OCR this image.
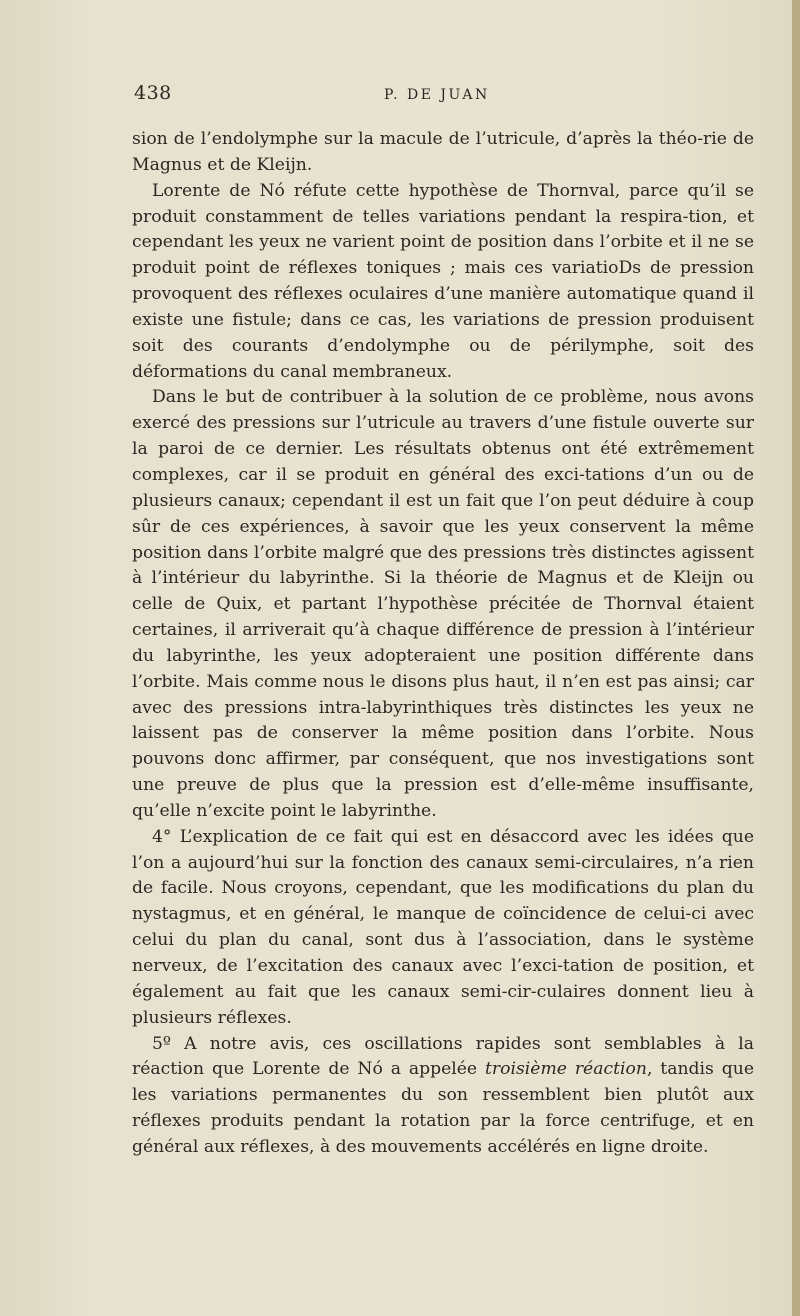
438	P. DE JUAN

sion de l’endolymphe sur la macule de l’utricule, d’après la théo-rie de Magnus et de Kleijn.

Lorente de Nó réfute cette hypothèse de Thornval, parce qu’il se produit constamment de telles variations pendant la respira-tion, et cependant les yeux ne varient point de position dans l’orbite et il ne se produit point de réflexes toniques ; mais ces variatioDs de pression provoquent des réflexes oculaires d’une manière automatique quand il existe une fistule; dans ce cas, les variations de pression produisent soit des courants d’endolymphe ou de périlymphe, soit des déformations du canal membraneux.

Dans le but de contribuer à la solution de ce problème, nous avons exercé des pressions sur l’utricule au travers d’une fistule ouverte sur la paroi de ce dernier. Les résultats obtenus ont été extrêmement complexes, car il se produit en général des exci-tations d’un ou de plusieurs canaux; cependant il est un fait que l’on peut déduire à coup sûr de ces expériences, à savoir que les yeux conservent la même position dans l’orbite malgré que des pressions très distinctes agissent à l’intérieur du labyrinthe. Si la théorie de Magnus et de Kleijn ou celle de Quix, et partant l’hypothèse précitée de Thornval étaient certaines, il arriverait qu’à chaque différence de pression à l’intérieur du labyrinthe, les yeux adopteraient une position différente dans l’orbite. Mais comme nous le disons plus haut, il n’en est pas ainsi; car avec des pressions intra-labyrinthiques très distinctes les yeux ne laissent pas de conserver la même position dans l’orbite. Nous pouvons donc affirmer, par conséquent, que nos investigations sont une preuve de plus que la pression est d’elle-même insuffisante, qu’elle n’excite point le labyrinthe.

4° L’explication de ce fait qui est en désaccord avec les idées que l’on a aujourd’hui sur la fonction des canaux semi-circulaires, n’a rien de facile. Nous croyons, cependant, que les modifications du plan du nystagmus, et en général, le manque de coïncidence de celui-ci avec celui du plan du canal, sont dus à l’association, dans le système nerveux, de l’excitation des canaux avec l’exci-tation de position, et également au fait que les canaux semi-cir-culaires donnent lieu à plusieurs réflexes.

5º A notre avis, ces oscillations rapides sont semblables à la réaction que Lorente de Nó a appelée troisième réaction, tandis que les variations permanentes du son ressemblent bien plutôt aux réflexes produits pendant la rotation par la force centrifuge, et en général aux réflexes, à des mouvements accélérés en ligne droite.
